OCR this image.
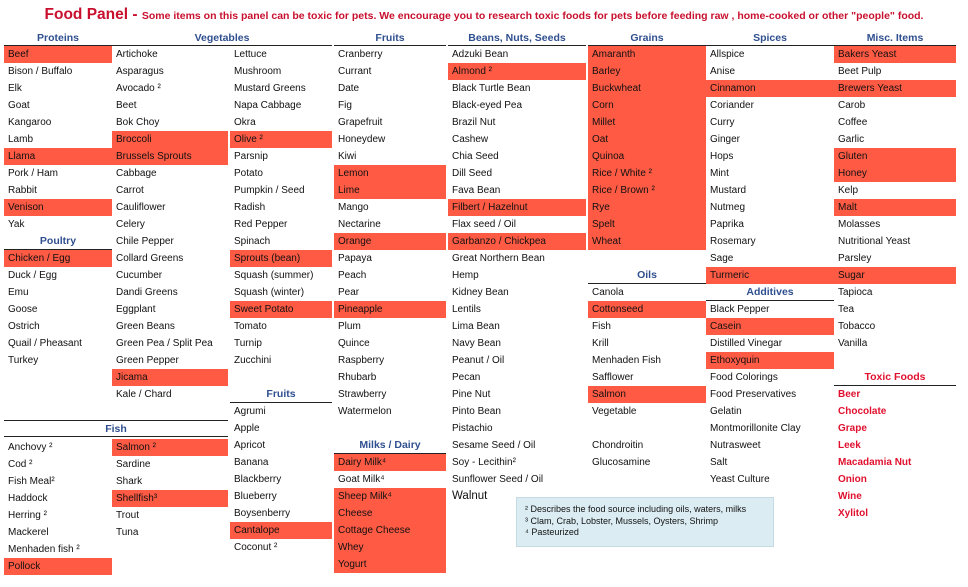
Food Panel - Some items on this panel can be toxic for pets. We encourage you to research toxic foods for pets before feeding raw , home-cooked or other "people" food.
Proteins
Beef
Bison / Buffalo
Elk
Goat
Kangaroo
Lamb
Llama
Pork / Ham
Rabbit
Venison
Yak
Poultry
Chicken / Egg
Duck / Egg
Emu
Goose
Ostrich
Quail / Pheasant
Turkey
Vegetables
Artichoke
Asparagus
Avocado ²
Beet
Bok Choy
Broccoli
Brussels Sprouts
Cabbage
Carrot
Cauliflower
Celery
Chile Pepper
Collard Greens
Cucumber
Dandi Greens
Eggplant
Green Beans
Green Pea / Split Pea
Green Pepper
Jicama
Kale / Chard
Lettuce
Mushroom
Mustard Greens
Napa Cabbage
Okra
Olive ²
Parsnip
Potato
Pumpkin / Seed
Radish
Red Pepper
Spinach
Sprouts (bean)
Squash (summer)
Squash (winter)
Sweet Potato
Tomato
Turnip
Zucchini
Fruits
Agrumi
Apple
Apricot
Banana
Blackberry
Blueberry
Boysenberry
Cantalope
Coconut ²
Fruits
Cranberry
Currant
Date
Fig
Grapefruit
Honeydew
Kiwi
Lemon
Lime
Mango
Nectarine
Orange
Papaya
Peach
Pear
Pineapple
Plum
Quince
Raspberry
Rhubarb
Strawberry
Watermelon
Milks / Dairy
Dairy Milk⁴
Goat Milk⁴
Sheep Milk⁴
Cheese
Cottage Cheese
Whey
Yogurt
Beans, Nuts, Seeds
Adzuki Bean
Almond ²
Black Turtle Bean
Black-eyed Pea
Brazil Nut
Cashew
Chia Seed
Dill Seed
Fava Bean
Filbert / Hazelnut
Flax seed / Oil
Garbanzo / Chickpea
Great Northern Bean
Hemp
Kidney Bean
Lentils
Lima Bean
Navy Bean
Peanut / Oil
Pecan
Pine Nut
Pinto Bean
Pistachio
Sesame Seed / Oil
Soy - Lecithin²
Sunflower Seed / Oil
Walnut
Grains
Amaranth
Barley
Buckwheat
Corn
Millet
Oat
Quinoa
Rice / White ²
Rice / Brown ²
Rye
Spelt
Wheat
Oils
Canola
Cottonseed
Fish
Krill
Menhaden Fish
Safflower
Salmon
Vegetable
Chondroitin
Glucosamine
Spices
Allspice
Anise
Cinnamon
Coriander
Curry
Ginger
Hops
Mint
Mustard
Nutmeg
Paprika
Rosemary
Sage
Turmeric
Additives
Black Pepper
Casein
Distilled Vinegar
Ethoxyquin
Food Colorings
Food Preservatives
Gelatin
Montmorillonite Clay
Nutrasweet
Salt
Yeast Culture
Misc. Items
Bakers Yeast
Beet Pulp
Brewers Yeast
Carob
Coffee
Garlic
Gluten
Honey
Kelp
Malt
Molasses
Nutritional Yeast
Parsley
Sugar
Tapioca
Tea
Tobacco
Vanilla
Toxic Foods
Beer
Chocolate
Grape
Leek
Macadamia Nut
Onion
Wine
Xylitol
Fish
Anchovy ²
Cod ²
Fish Meal²
Haddock
Herring ²
Mackerel
Menhaden fish ²
Pollock
Salmon ²
Sardine
Shark
Shellfish³
Trout
Tuna
² Describes the food source including oils, waters, milks
³ Clam, Crab, Lobster, Mussels, Oysters, Shrimp
⁴ Pasteurized
